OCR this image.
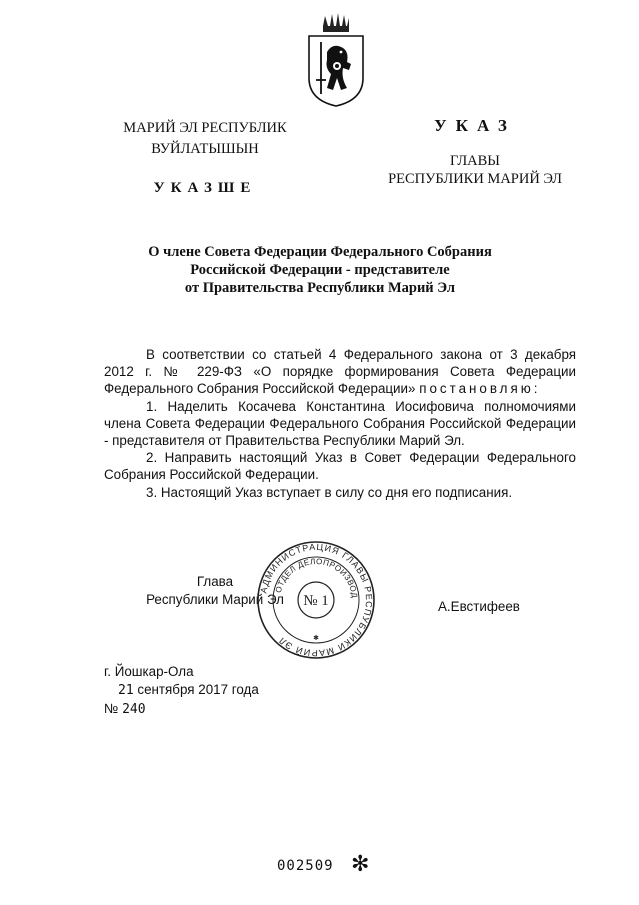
МАРИЙ ЭЛ РЕСПУБЛИК
ВУЙЛАТЫШЫН
УКАЗШЕ
УКАЗ
ГЛАВЫ
РЕСПУБЛИКИ МАРИЙ ЭЛ
О члене Совета Федерации Федерального Собрания
Российской Федерации - представителе
от Правительства Республики Марий Эл

В соответствии со статьей 4 Федерального закона от 3 декабря 2012 г. № 229-ФЗ «О порядке формирования Совета Федерации Федерального Собрания Российской Федерации» постановляю:

1. Наделить Косачева Константина Иосифовича полномочиями члена Совета Федерации Федерального Собрания Российской Федерации - представителя от Правительства Республики Марий Эл.

2. Направить настоящий Указ в Совет Федерации Федерального Собрания Российской Федерации.

3. Настоящий Указ вступает в силу со дня его подписания.

Глава
Республики Марий Эл
АДМИНИСТРАЦИЯ ГЛАВЫ РЕСПУБЛИКИ МАРИЙ ЭЛ
ОТДЕЛ ДЕЛОПРОИЗВОД
№ 1
✱
А.Евстифеев
г. Йошкар-Ола
21 сентября 2017 года
№ 240
002509 ✻
